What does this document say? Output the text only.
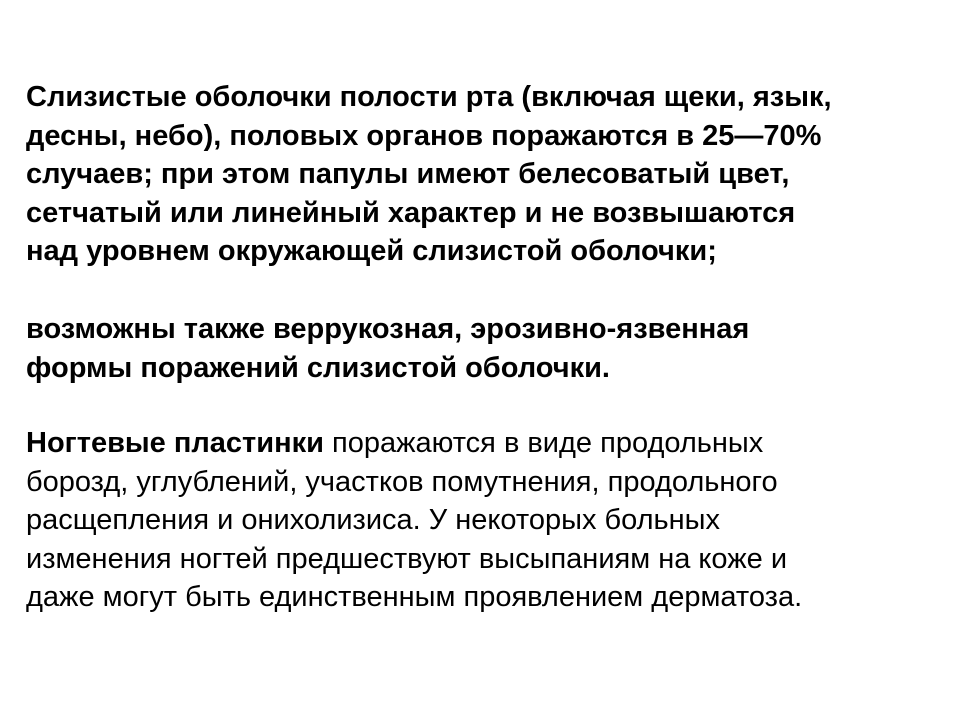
Слизистые оболочки полости рта (включая щеки, язык,
десны, небо), половых органов поражаются в 25—70%
случаев; при этом папулы имеют белесоватый цвет,
сетчатый или линейный характер и не возвышаются
над уровнем окружающей слизистой оболочки;
возможны также веррукозная, эрозивно-язвенная
формы поражений слизистой оболочки.
Ногтевые пластинки поражаются в виде продольных
борозд, углублений, участков помутнения, продольного
расщепления и онихолизиса. У некоторых больных
изменения ногтей предшествуют высыпаниям на коже и
даже могут быть единственным проявлением дерматоза.
